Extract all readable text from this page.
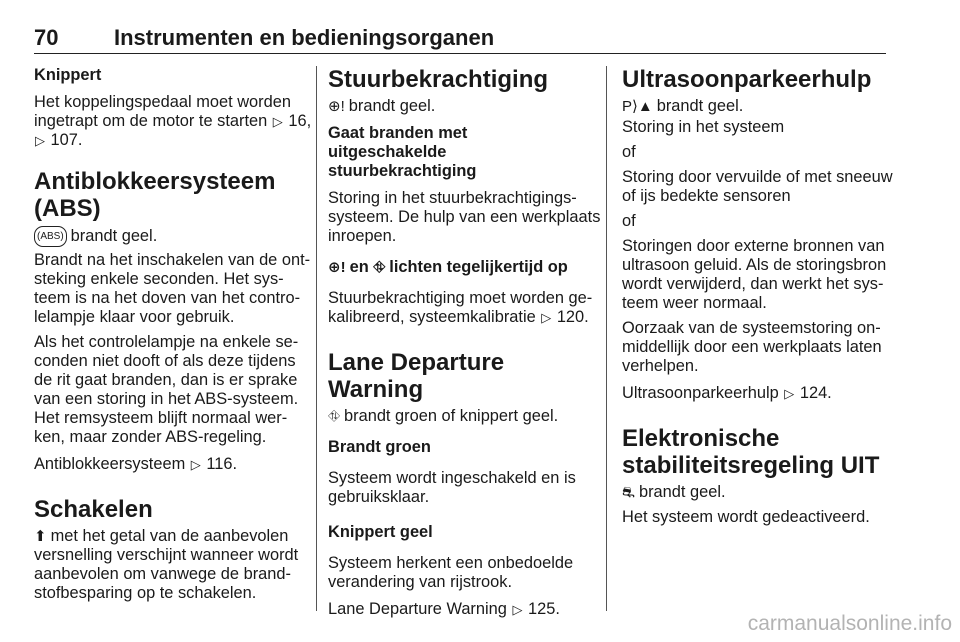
70	Instrumenten en bedieningsorganen
Knippert
Het koppelingspedaal moet worden
ingetrapt om de motor te starten ▷ 16,
▷ 107.
Antiblokkeersysteem (ABS)
(ABS) brandt geel.
Brandt na het inschakelen van de ont-
steking enkele seconden. Het sys-
teem is na het doven van het contro-
lelampje klaar voor gebruik.
Als het controlelampje na enkele se-
conden niet dooft of als deze tijdens
de rit gaat branden, dan is er sprake
van een storing in het ABS-systeem.
Het remsysteem blijft normaal wer-
ken, maar zonder ABS-regeling.
Antiblokkeersysteem ▷ 116.
Schakelen
⬆ met het getal van de aanbevolen
versnelling verschijnt wanneer wordt
aanbevolen om vanwege de brand-
stofbesparing op te schakelen.
Stuurbekrachtiging
⊕! brandt geel.
Gaat branden met
uitgeschakelde
stuurbekrachtiging
Storing in het stuurbekrachtigings-
systeem. De hulp van een werkplaats
inroepen.
⊕! en ⛗ lichten tegelijkertijd op
Stuurbekrachtiging moet worden ge-
kalibreerd, systeemkalibratie ▷ 120.
Lane Departure Warning
⛗ brandt groen of knippert geel.
Brandt groen
Systeem wordt ingeschakeld en is
gebruiksklaar.
Knippert geel
Systeem herkent een onbedoelde
verandering van rijstrook.
Lane Departure Warning ▷ 125.
Ultrasoonparkeerhulp
P⟩▲ brandt geel.
Storing in het systeem
of
Storing door vervuilde of met sneeuw
of ijs bedekte sensoren
of
Storingen door externe bronnen van
ultrasoon geluid. Als de storingsbron
wordt verwijderd, dan werkt het sys-
teem weer normaal.
Oorzaak van de systeemstoring on-
middellijk door een werkplaats laten
verhelpen.
Ultrasoonparkeerhulp ▷ 124.
Elektronische
stabiliteitsregeling UIT
⛐ brandt geel.
Het systeem wordt gedeactiveerd.
carmanualsonline.info
